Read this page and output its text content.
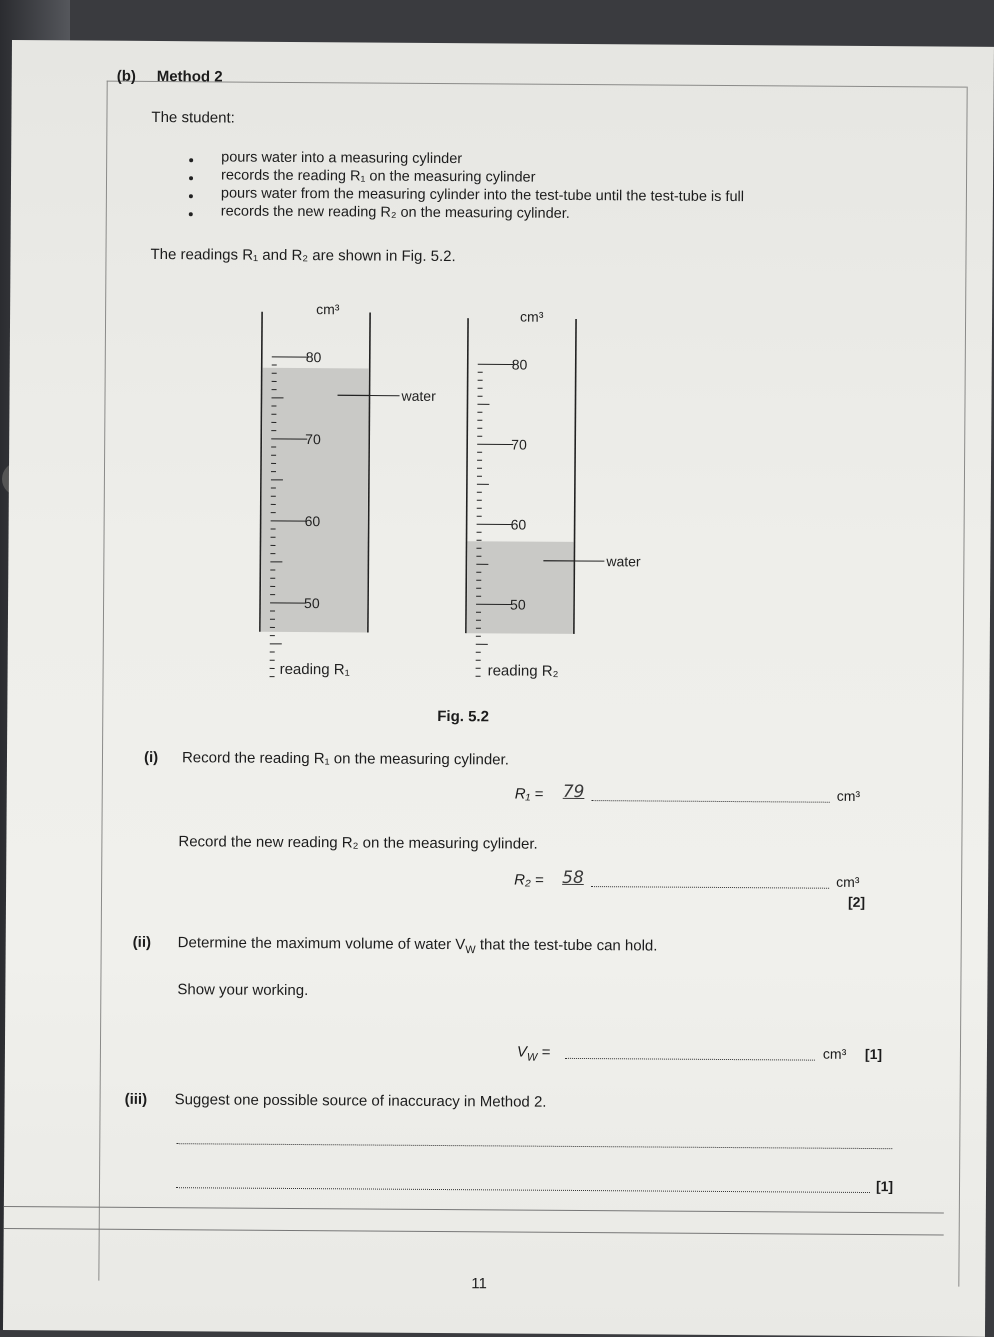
(b) Method 2
The student:
pours water into a measuring cylinder
records the reading R₁ on the measuring cylinder
pours water from the measuring cylinder into the test-tube until the test-tube is full
records the new reading R₂ on the measuring cylinder.
The readings R₁ and R₂ are shown in Fig. 5.2.
cm³
water
80
70
60
50
cm³
water
80
70
60
50
reading R₁	reading R₂
Fig. 5.2
(i) Record the reading R₁ on the measuring cylinder.
R₁ = 79	cm³
Record the new reading R₂ on the measuring cylinder.
R₂ = 58	cm³
[2]
(ii) Determine the maximum volume of water $V_W$ that the test-tube can hold.
Show your working.
$V_W$ =	cm³ [1]
(iii) Suggest one possible source of inaccuracy in Method 2.
[1]
11
